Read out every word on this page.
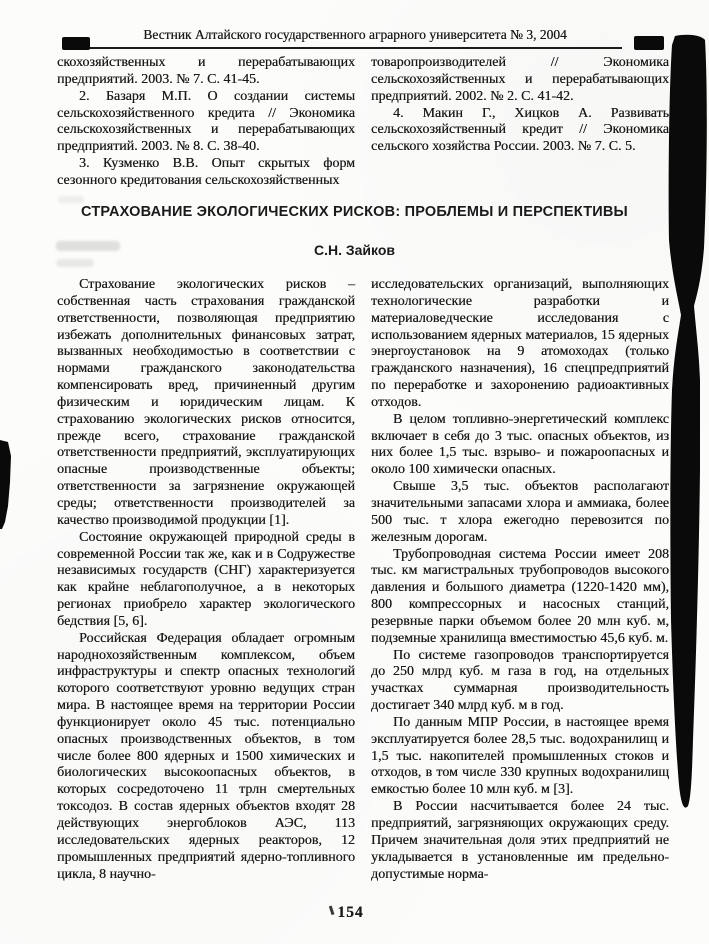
Вестник Алтайского государственного аграрного университета № 3, 2004

скохозяйственных и перерабатывающих предприятий. 2003. № 7. С. 41-45.

2. Базаря М.П. О создании системы сельскохозяйственного кредита // Экономика сельскохозяйственных и перерабатывающих предприятий. 2003. № 8. С. 38-40.

3. Кузменко В.В. Опыт скрытых форм сезонного кредитования сельскохозяйственных

товаропроизводителей // Экономика сельскохозяйственных и перерабатывающих предприятий. 2002. № 2. С. 41-42.

4. Макин Г., Хицков А. Развивать сельскохозяйственный кредит // Экономика сельского хозяйства России. 2003. № 7. С. 5.

СТРАХОВАНИЕ ЭКОЛОГИЧЕСКИХ РИСКОВ: ПРОБЛЕМЫ И ПЕРСПЕКТИВЫ
С.Н. Зайков

Страхование экологических рисков – собственная часть страхования гражданской ответственности, позволяющая предприятию избежать дополнительных финансовых затрат, вызванных необходимостью в соответствии с нормами гражданского законодательства компенсировать вред, причиненный другим физическим и юридическим лицам. К страхованию экологических рисков относится, прежде всего, страхование гражданской ответственности предприятий, эксплуатирующих опасные производственные объекты; ответственности за загрязнение окружающей среды; ответственности производителей за качество производимой продукции [1].

Состояние окружающей природной среды в современной России так же, как и в Содружестве независимых государств (СНГ) характеризуется как крайне неблагополучное, а в некоторых регионах приобрело характер экологического бедствия [5, 6].

Российская Федерация обладает огромным народнохозяйственным комплексом, объем инфраструктуры и спектр опасных технологий которого соответствуют уровню ведущих стран мира. В настоящее время на территории России функционирует около 45 тыс. потенциально опасных производственных объектов, в том числе более 800 ядерных и 1500 химических и биологических высокоопасных объектов, в которых сосредоточено 11 трлн смертельных токсодоз. В состав ядерных объектов входят 28 действующих энергоблоков АЭС, 113 исследовательских ядерных реакторов, 12 промышленных предприятий ядерно-топливного цикла, 8 научно-

исследовательских организаций, выполняющих технологические разработки и материаловедческие исследования с использованием ядерных материалов, 15 ядерных энергоустановок на 9 атомоходах (только гражданского назначения), 16 спецпредприятий по переработке и захоронению радиоактивных отходов.

В целом топливно-энергетический комплекс включает в себя до 3 тыс. опасных объектов, из них более 1,5 тыс. взрыво- и пожароопасных и около 100 химически опасных.

Свыше 3,5 тыс. объектов располагают значительными запасами хлора и аммиака, более 500 тыс. т хлора ежегодно перевозится по железным дорогам.

Трубопроводная система России имеет 208 тыс. км магистральных трубопроводов высокого давления и большого диаметра (1220-1420 мм), 800 компрессорных и насосных станций, резервные парки объемом более 20 млн куб. м, подземные хранилища вместимостью 45,6 куб. м.

По системе газопроводов транспортируется до 250 млрд куб. м газа в год, на отдельных участках суммарная производительность достигает 340 млрд куб. м в год.

По данным МПР России, в настоящее время эксплуатируется более 28,5 тыс. водохранилищ и 1,5 тыс. накопителей промышленных стоков и отходов, в том числе 330 крупных водохранилищ емкостью более 10 млн куб. м [3].

В России насчитывается более 24 тыс. предприятий, загрязняющих окружающих среду. Причем значительная доля этих предприятий не укладывается в установленные им предельно-допустимые норма-

154
